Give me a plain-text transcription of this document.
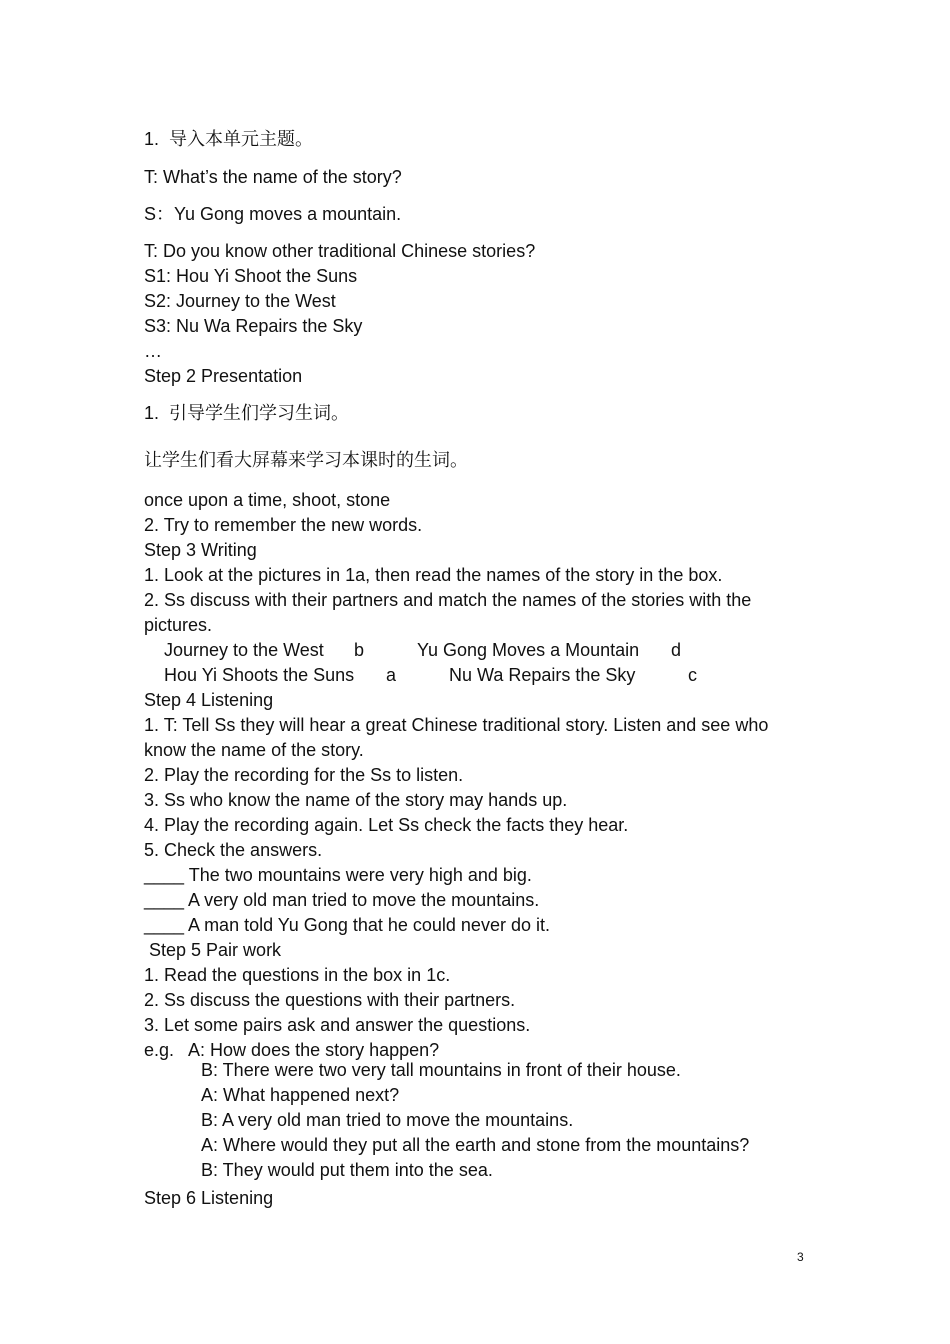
1.  导入本单元主题。
T: What’s the name of the story?
S：Yu Gong moves a mountain.
T: Do you know other traditional Chinese stories?
S1: Hou Yi Shoot the Suns
S2: Journey to the West
S3: Nu Wa Repairs the Sky
…
Step 2 Presentation
1.  引导学生们学习生词。
让学生们看大屏幕来学习本课时的生词。
once upon a time, shoot, stone
2. Try to remember the new words.
Step 3 Writing
1. Look at the pictures in 1a, then read the names of the story in the box.
2. Ss discuss with their partners and match the names of the stories with the
pictures.
Journey to the West b	Yu Gong Moves a Mountain d
Hou Yi Shoots the Suns a	Nu Wa Repairs the Sky	c
Step 4 Listening
1. T: Tell Ss they will hear a great Chinese traditional story. Listen and see who
know the name of the story.
2. Play the recording for the Ss to listen.
3. Ss who know the name of the story may hands up.
4. Play the recording again. Let Ss check the facts they hear.
5. Check the answers.
____ The two mountains were very high and big.
____ A very old man tried to move the mountains.
____ A man told Yu Gong that he could never do it.
Step 5 Pair work
1. Read the questions in the box in 1c.
2. Ss discuss the questions with their partners.
3. Let some pairs ask and answer the questions.
e.g.   A: How does the story happen?
B: There were two very tall mountains in front of their house.
A: What happened next?
B: A very old man tried to move the mountains.
A: Where would they put all the earth and stone from the mountains?
B: They would put them into the sea.
Step 6 Listening
3
